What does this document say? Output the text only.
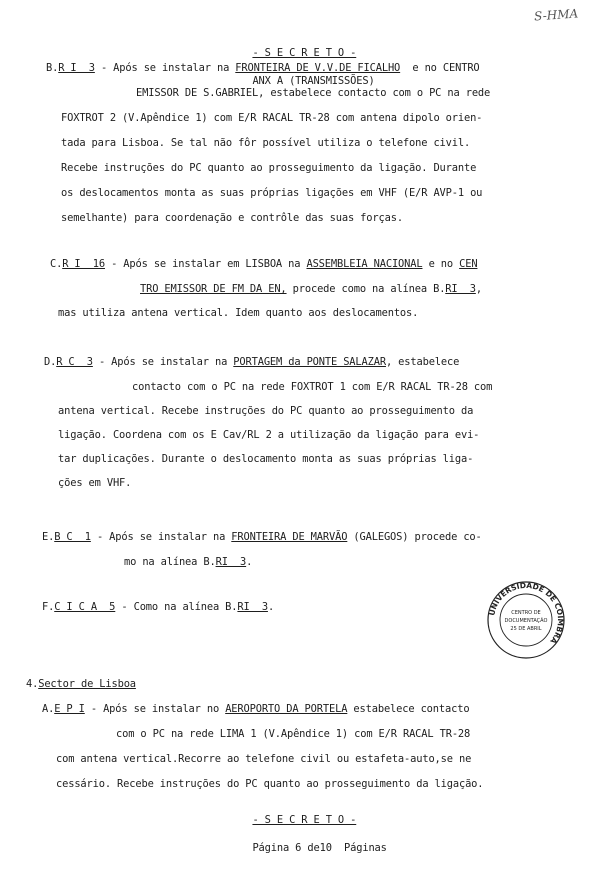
S-HMA

- S E C R E T O -

ANX A (TRANSMISSÕES)

B.R I  3 - Após se instalar na FRONTEIRA DE V.V.DE FICALHO  e no CENTRO
EMISSOR DE S.GABRIEL, estabelece contacto com o PC na rede
FOXTROT 2 (V.Apêndice 1) com E/R RACAL TR-28 com antena dipolo orien-
tada para Lisboa. Se tal não fôr possível utiliza o telefone civil.
Recebe instruções do PC quanto ao prosseguimento da ligação. Durante
os deslocamentos monta as suas próprias ligações em VHF (E/R AVP-1 ou
semelhante) para coordenação e contrôle das suas forças.
C.R I  16 - Após se instalar em LISBOA na ASSEMBLEIA NACIONAL e no CEN
TRO EMISSOR DE FM DA EN, procede como na alínea B.RI  3,
mas utiliza antena vertical. Idem quanto aos deslocamentos.
D.R C  3 - Após se instalar na PORTAGEM da PONTE SALAZAR, estabelece
contacto com o PC na rede FOXTROT 1 com E/R RACAL TR-28 com
antena vertical. Recebe instruções do PC quanto ao prosseguimento da
ligação. Coordena com os E Cav/RL 2 a utilização da ligação para evi-
tar duplicações. Durante o deslocamento monta as suas próprias liga-
ções em VHF.
E.B C  1 - Após se instalar na FRONTEIRA DE MARVÃO (GALEGOS) procede co-
mo na alínea B.RI  3.
F.C I C A  5 - Como na alínea B.RI  3.	UNIVERSIDADE DE COIMBRA
CENTRO DE
DOCUMENTAÇÃO
25 DE ABRIL
4.Sector de Lisboa
A.E P I - Após se instalar no AEROPORTO DA PORTELA estabelece contacto
com o PC na rede LIMA 1 (V.Apêndice 1) com E/R RACAL TR-28
com antena vertical.Recorre ao telefone civil ou estafeta-auto,se ne
cessário. Recebe instruções do PC quanto ao prosseguimento da ligação.

- S E C R E T O -

Página 6 de10  Páginas
